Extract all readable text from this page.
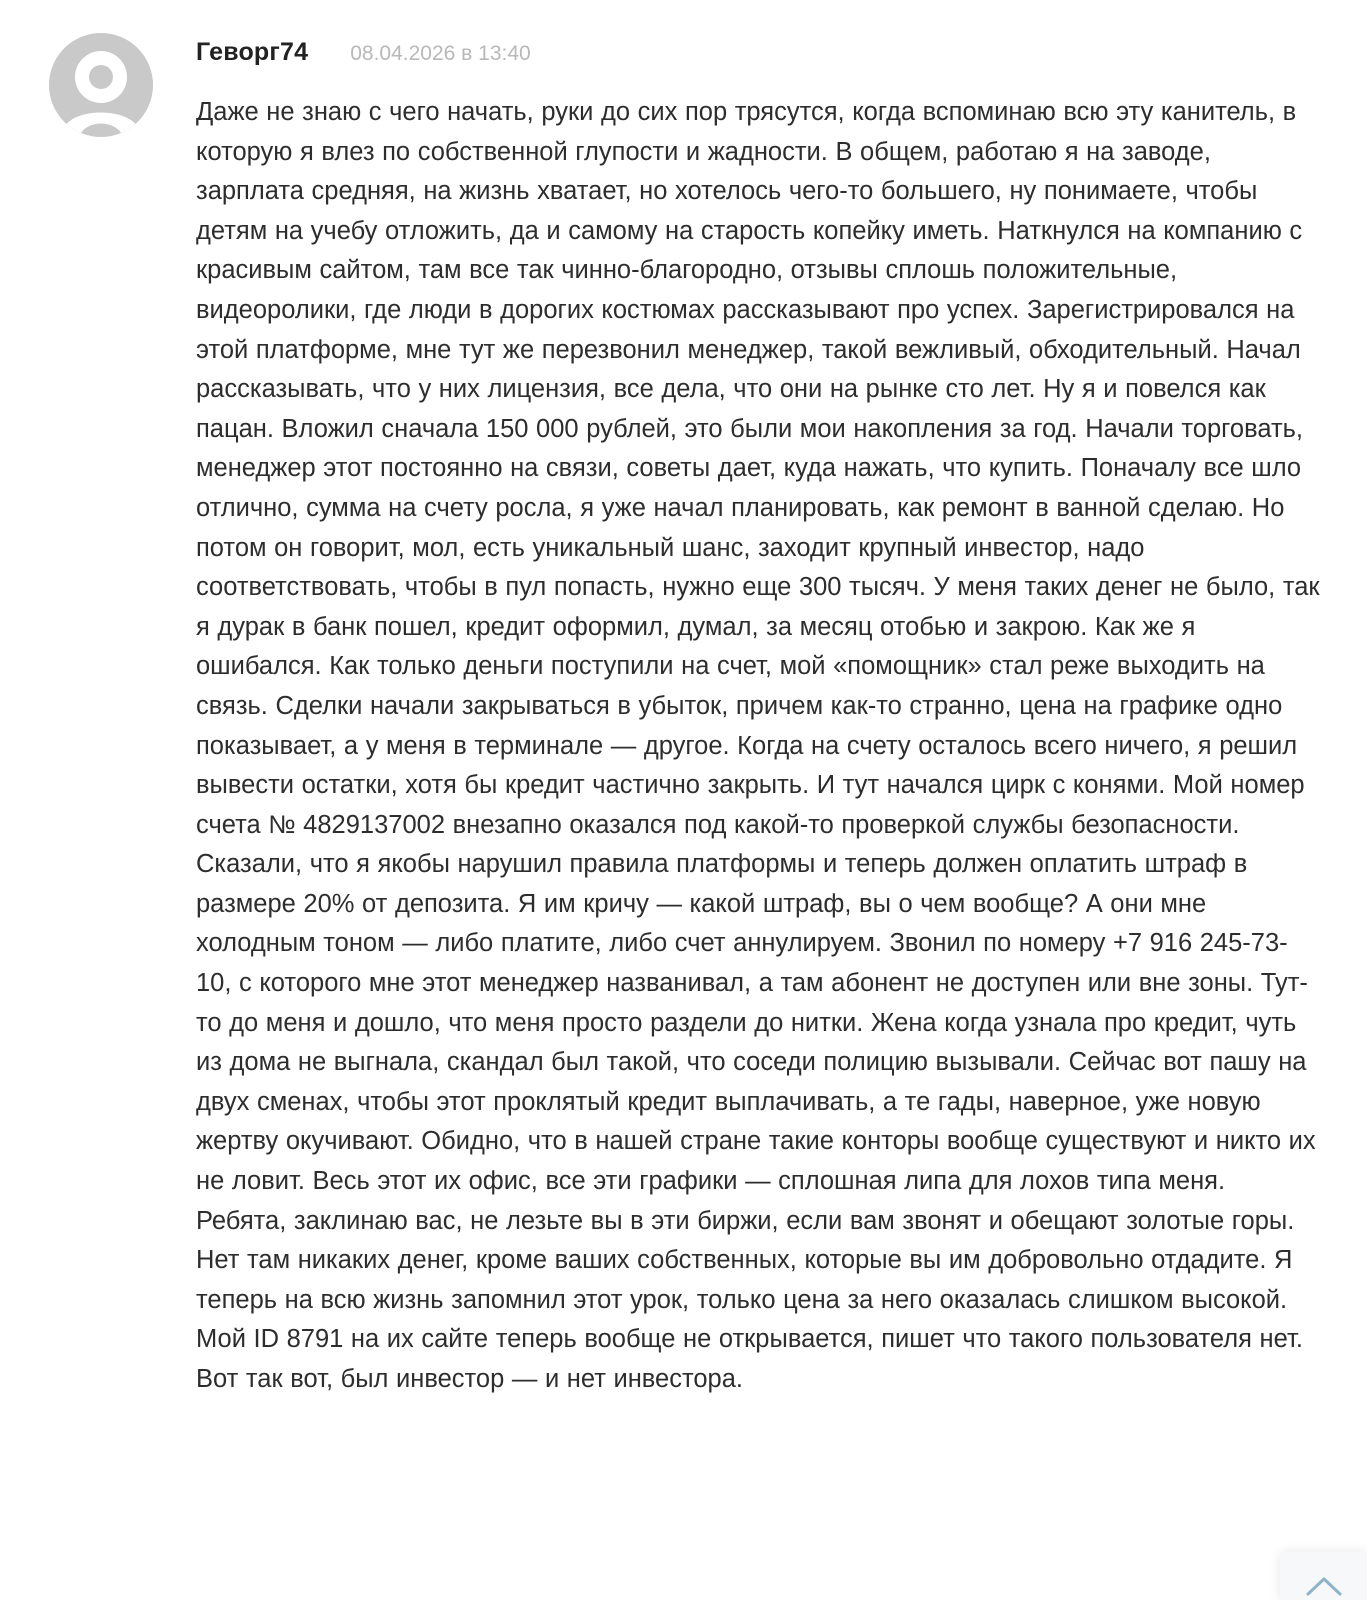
Геворг74 08.04.2026 в 13:40

Даже не знаю с чего начать, руки до сих пор трясутся, когда вспоминаю всю эту канитель, в которую я влез по собственной глупости и жадности. В общем, работаю я на заводе, зарплата средняя, на жизнь хватает, но хотелось чего-то большего, ну понимаете, чтобы детям на учебу отложить, да и самому на старость копейку иметь. Наткнулся на компанию с красивым сайтом, там все так чинно-благородно, отзывы сплошь положительные, видеоролики, где люди в дорогих костюмах рассказывают про успех. Зарегистрировался на этой платформе, мне тут же перезвонил менеджер, такой вежливый, обходительный. Начал рассказывать, что у них лицензия, все дела, что они на рынке сто лет. Ну я и повелся как пацан. Вложил сначала 150 000 рублей, это были мои накопления за год. Начали торговать, менеджер этот постоянно на связи, советы дает, куда нажать, что купить. Поначалу все шло отлично, сумма на счету росла, я уже начал планировать, как ремонт в ванной сделаю. Но потом он говорит, мол, есть уникальный шанс, заходит крупный инвестор, надо соответствовать, чтобы в пул попасть, нужно еще 300 тысяч. У меня таких денег не было, так я дурак в банк пошел, кредит оформил, думал, за месяц отобью и закрою. Как же я ошибался. Как только деньги поступили на счет, мой «помощник» стал реже выходить на связь. Сделки начали закрываться в убыток, причем как-то странно, цена на графике одно показывает, а у меня в терминале — другое. Когда на счету осталось всего ничего, я решил вывести остатки, хотя бы кредит частично закрыть. И тут начался цирк с конями. Мой номер счета № 4829137002 внезапно оказался под какой-то проверкой службы безопасности. Сказали, что я якобы нарушил правила платформы и теперь должен оплатить штраф в размере 20% от депозита. Я им кричу — какой штраф, вы о чем вообще? А они мне холодным тоном — либо платите, либо счет аннулируем. Звонил по номеру +7 916 245-73-10, с которого мне этот менеджер названивал, а там абонент не доступен или вне зоны. Тут-то до меня и дошло, что меня просто раздели до нитки. Жена когда узнала про кредит, чуть из дома не выгнала, скандал был такой, что соседи полицию вызывали. Сейчас вот пашу на двух сменах, чтобы этот проклятый кредит выплачивать, а те гады, наверное, уже новую жертву окучивают. Обидно, что в нашей стране такие конторы вообще существуют и никто их не ловит. Весь этот их офис, все эти графики — сплошная липа для лохов типа меня. Ребята, заклинаю вас, не лезьте вы в эти биржи, если вам звонят и обещают золотые горы. Нет там никаких денег, кроме ваших собственных, которые вы им добровольно отдадите. Я теперь на всю жизнь запомнил этот урок, только цена за него оказалась слишком высокой. Мой ID 8791 на их сайте теперь вообще не открывается, пишет что такого пользователя нет. Вот так вот, был инвестор — и нет инвестора.
